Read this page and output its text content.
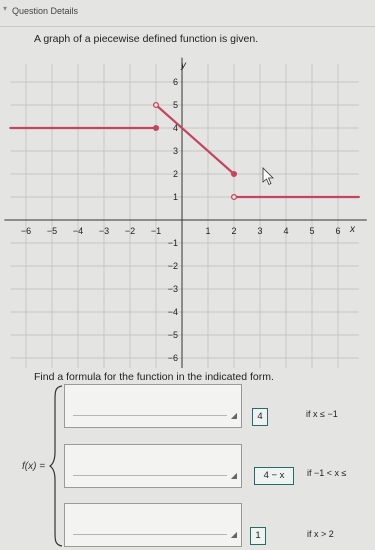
▾ Question Details
A graph of a piecewise defined function is given.
−6 −5 −4 −3 −2 −1	1 2 3 4 5 6
6
5
4
3
2
1
−1
−2
−3
−4
−5
−6
x
y
Find a formula for the function in the indicated form.
f(x) =
◢	4	if x ≤ −1
◢	4 − x	if −1 < x ≤
◢	1	if x > 2
